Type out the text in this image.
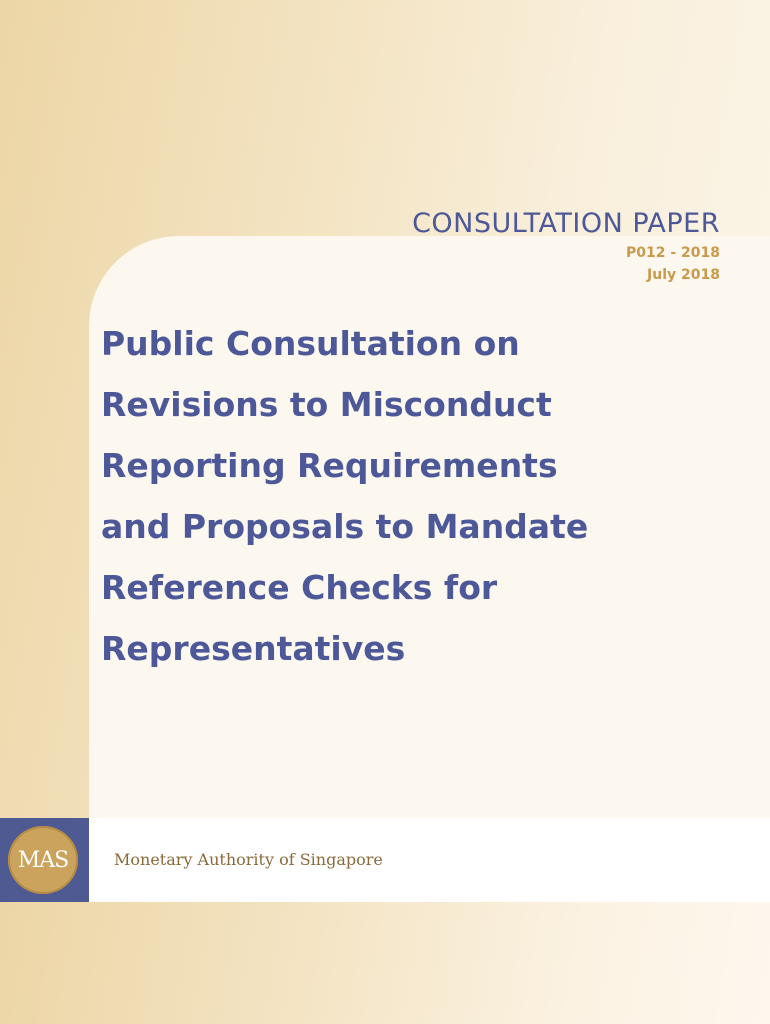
CONSULTATION PAPER
P012 - 2018
July 2018
Public Consultation on
Revisions to Misconduct
Reporting Requirements
and Proposals to Mandate
Reference Checks for
Representatives
MAS	Monetary Authority of Singapore
